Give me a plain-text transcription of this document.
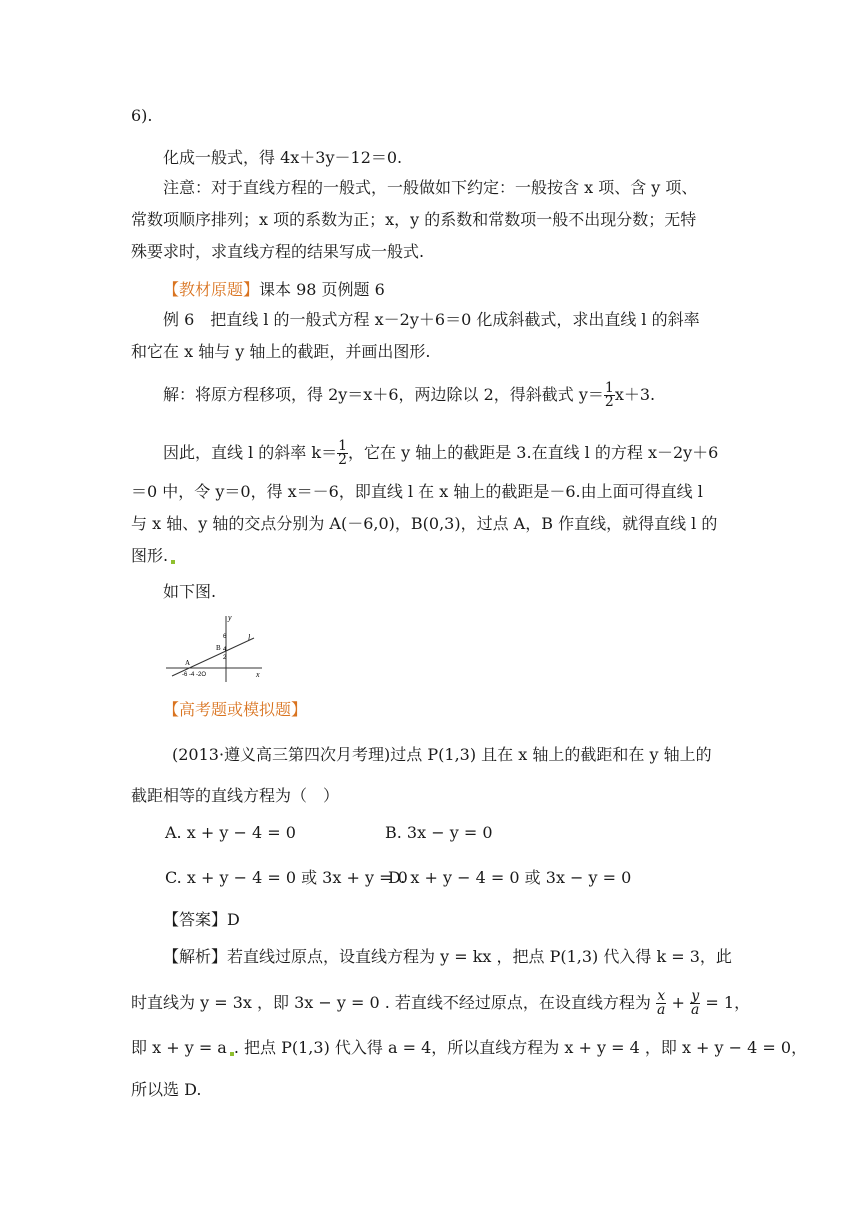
6).
化成一般式，得 4x＋3y－12＝0.
注意：对于直线方程的一般式，一般做如下约定：一般按含 x 项、含 y 项、
常数项顺序排列；x 项的系数为正；x，y 的系数和常数项一般不出现分数；无特
殊要求时，求直线方程的结果写成一般式.
【教材原题】课本 98 页例题 6
例 6　把直线 l 的一般式方程 x－2y＋6＝0 化成斜截式，求出直线 l 的斜率
和它在 x 轴与 y 轴上的截距，并画出图形.
解：将原方程移项，得 2y＝x＋6，两边除以 2，得斜截式 $y= \frac{1}{2} x+3$.
因此，直线 l 的斜率 $k= \frac{1}{2}$ ，它在 y 轴上的截距是 3.在直线 l 的方程 x－2y＋6
＝0 中，令 y＝0，得 x＝－6，即直线 l 在 x 轴上的截距是－6.由上面可得直线 l
与 x 轴、y 轴的交点分别为 A(－6,0)，B(0,3)，过点 A，B 作直线，就得直线 l 的
图形.
如下图.
y
x
l
A
B
6
4
2
-6 -4 -2O
【高考题或模拟题】
(2013·遵义高三第四次月考理)过点 P(1,3) 且在 x 轴上的截距和在 y 轴上的
截距相等的直线方程为（　）
A. x + y − 4 = 0	B. 3x − y = 0
C. x + y − 4 = 0 或 3x + y = 0
D. x + y − 4 = 0 或 3x − y = 0
【答案】D
【解析】若直线过原点，设直线方程为 y = kx ，把点 P(1,3) 代入得 k = 3，此
时直线为 y = 3x ，即 3x − y = 0 . 若直线不经过原点，在设直线方程为 $\frac{x}{a} + \frac{y}{a} = 1$，
即 x + y = a . 把点 P(1,3) 代入得 a = 4，所以直线方程为 x + y = 4 ，即 x + y − 4 = 0，
所以选 D.
